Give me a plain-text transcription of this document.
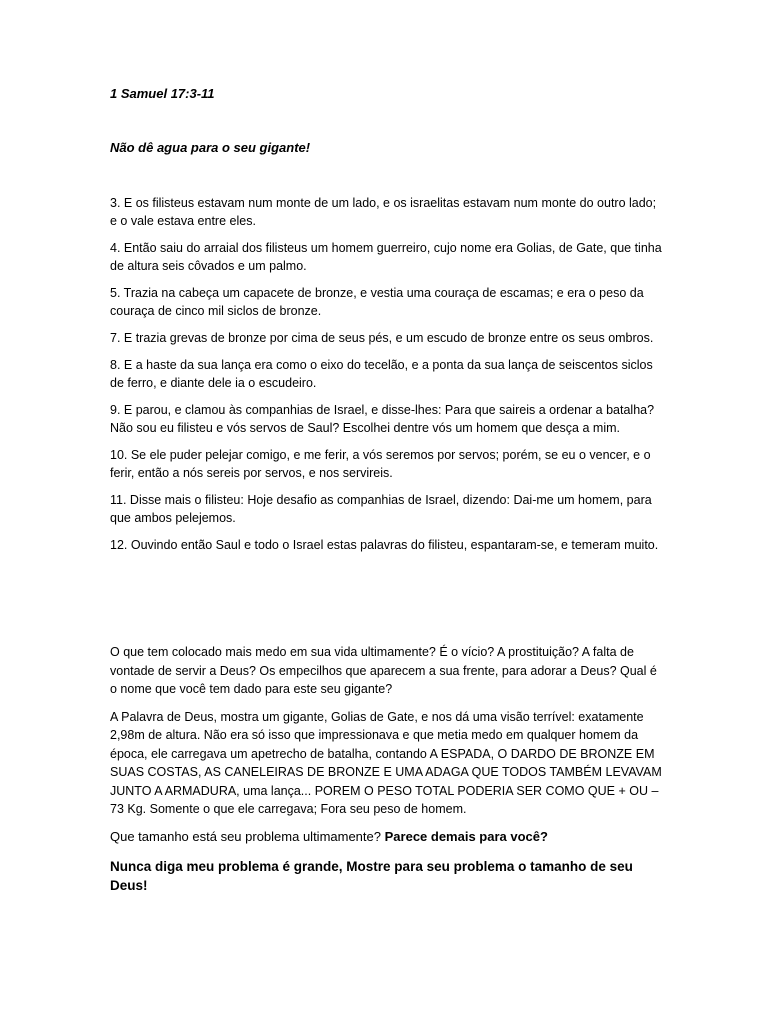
1 Samuel 17:3-11

Não dê agua para o seu gigante!

3. E os filisteus estavam num monte de um lado, e os israelitas estavam num monte do outro lado; e o vale estava entre eles.

4. Então saiu do arraial dos filisteus um homem guerreiro, cujo nome era Golias, de Gate, que tinha de altura seis côvados e um palmo.

5. Trazia na cabeça um capacete de bronze, e vestia uma couraça de escamas; e era o peso da couraça de cinco mil siclos de bronze.

7. E trazia grevas de bronze por cima de seus pés, e um escudo de bronze entre os seus ombros.

8. E a haste da sua lança era como o eixo do tecelão, e a ponta da sua lança de seiscentos siclos de ferro, e diante dele ia o escudeiro.

9. E parou, e clamou às companhias de Israel, e disse-lhes: Para que saireis a ordenar a batalha? Não sou eu filisteu e vós servos de Saul? Escolhei dentre vós um homem que desça a mim.

10. Se ele puder pelejar comigo, e me ferir, a vós seremos por servos; porém, se eu o vencer, e o ferir, então a nós sereis por servos, e nos servireis.

11. Disse mais o filisteu: Hoje desafio as companhias de Israel, dizendo: Dai-me um homem, para que ambos pelejemos.

12. Ouvindo então Saul e todo o Israel estas palavras do filisteu, espantaram-se, e temeram muito.

O que tem colocado mais medo em sua vida ultimamente? É o vício? A prostituição? A falta de vontade de servir a Deus? Os empecilhos que aparecem a sua frente, para adorar a Deus? Qual é o nome que você tem dado para este seu gigante?

A Palavra de Deus, mostra um gigante, Golias de Gate, e nos dá uma visão terrível: exatamente 2,98m de altura. Não era só isso que impressionava e que metia medo em qualquer homem da época, ele carregava um apetrecho de batalha, contando A ESPADA, O DARDO DE BRONZE EM SUAS COSTAS, AS CANELEIRAS DE BRONZE E UMA ADAGA QUE TODOS TAMBÉM LEVAVAM JUNTO A ARMADURA, uma lança... POREM O PESO TOTAL PODERIA SER COMO QUE + OU – 73 Kg. Somente o que ele carregava; Fora seu peso de homem.

Que tamanho está seu problema ultimamente? Parece demais para você?

Nunca diga meu problema é grande, Mostre para seu problema o tamanho de seu Deus!
